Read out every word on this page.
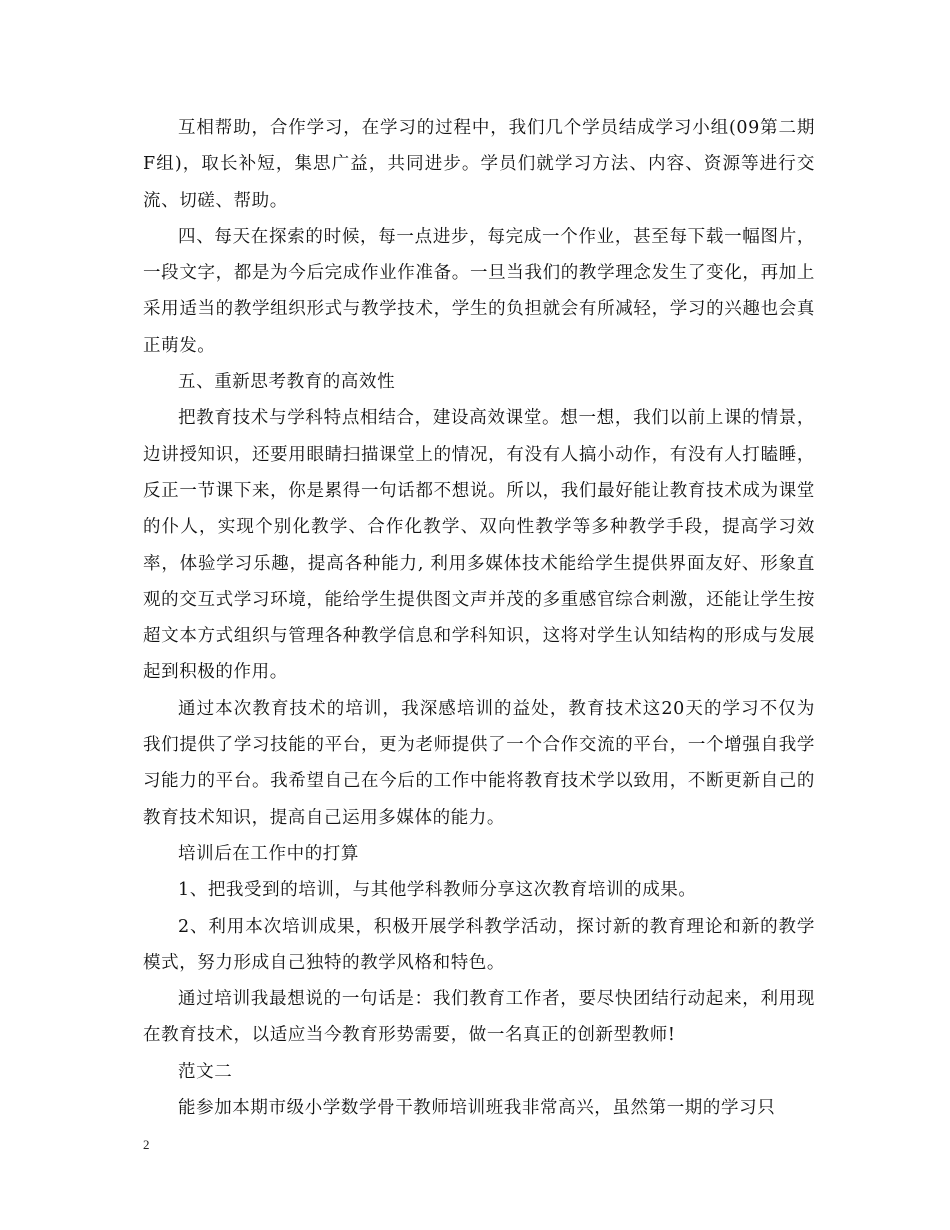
互相帮助，合作学习，在学习的过程中，我们几个学员结成学习小组(09第二期F组)，取长补短，集思广益，共同进步。学员们就学习方法、内容、资源等进行交流、切磋、帮助。

四、每天在探索的时候，每一点进步，每完成一个作业，甚至每下载一幅图片，一段文字，都是为今后完成作业作准备。一旦当我们的教学理念发生了变化，再加上采用适当的教学组织形式与教学技术，学生的负担就会有所减轻，学习的兴趣也会真正萌发。

五、重新思考教育的高效性

把教育技术与学科特点相结合，建设高效课堂。想一想，我们以前上课的情景，边讲授知识，还要用眼睛扫描课堂上的情况，有没有人搞小动作，有没有人打瞌睡，反正一节课下来，你是累得一句话都不想说。所以，我们最好能让教育技术成为课堂的仆人，实现个别化教学、合作化教学、双向性教学等多种教学手段，提高学习效率，体验学习乐趣，提高各种能力, 利用多媒体技术能给学生提供界面友好、形象直观的交互式学习环境，能给学生提供图文声并茂的多重感官综合刺激，还能让学生按超文本方式组织与管理各种教学信息和学科知识，这将对学生认知结构的形成与发展起到积极的作用。

通过本次教育技术的培训，我深感培训的益处，教育技术这20天的学习不仅为我们提供了学习技能的平台，更为老师提供了一个合作交流的平台，一个增强自我学习能力的平台。我希望自己在今后的工作中能将教育技术学以致用，不断更新自己的教育技术知识，提高自己运用多媒体的能力。

培训后在工作中的打算

1、把我受到的培训，与其他学科教师分享这次教育培训的成果。

2、利用本次培训成果，积极开展学科教学活动，探讨新的教育理论和新的教学模式，努力形成自己独特的教学风格和特色。

通过培训我最想说的一句话是：我们教育工作者，要尽快团结行动起来，利用现在教育技术，以适应当今教育形势需要，做一名真正的创新型教师!

范文二

能参加本期市级小学数学骨干教师培训班我非常高兴，虽然第一期的学习只

2
